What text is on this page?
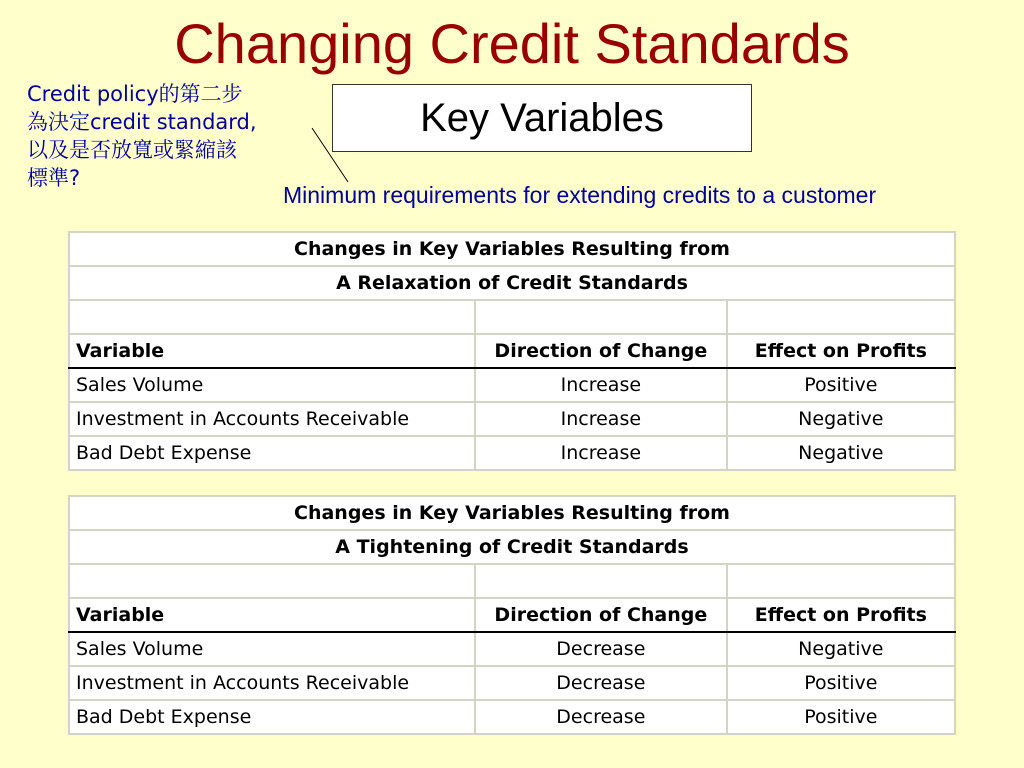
Changing Credit Standards
Credit policy的第二步
為決定credit standard,
以及是否放寬或緊縮該
標準?
Key Variables
Minimum requirements for extending credits to a customer
Changes in Key Variables Resulting from		
A Relaxation of Credit Standards		

Variable	Direction of Change	Effect on Profits
Sales Volume	Increase	Positive
Investment in Accounts Receivable	Increase	Negative
Bad Debt Expense	Increase	Negative
Changes in Key Variables Resulting from		
A Tightening of Credit Standards		

Variable	Direction of Change	Effect on Profits
Sales Volume	Decrease	Negative
Investment in Accounts Receivable	Decrease	Positive
Bad Debt Expense	Decrease	Positive
